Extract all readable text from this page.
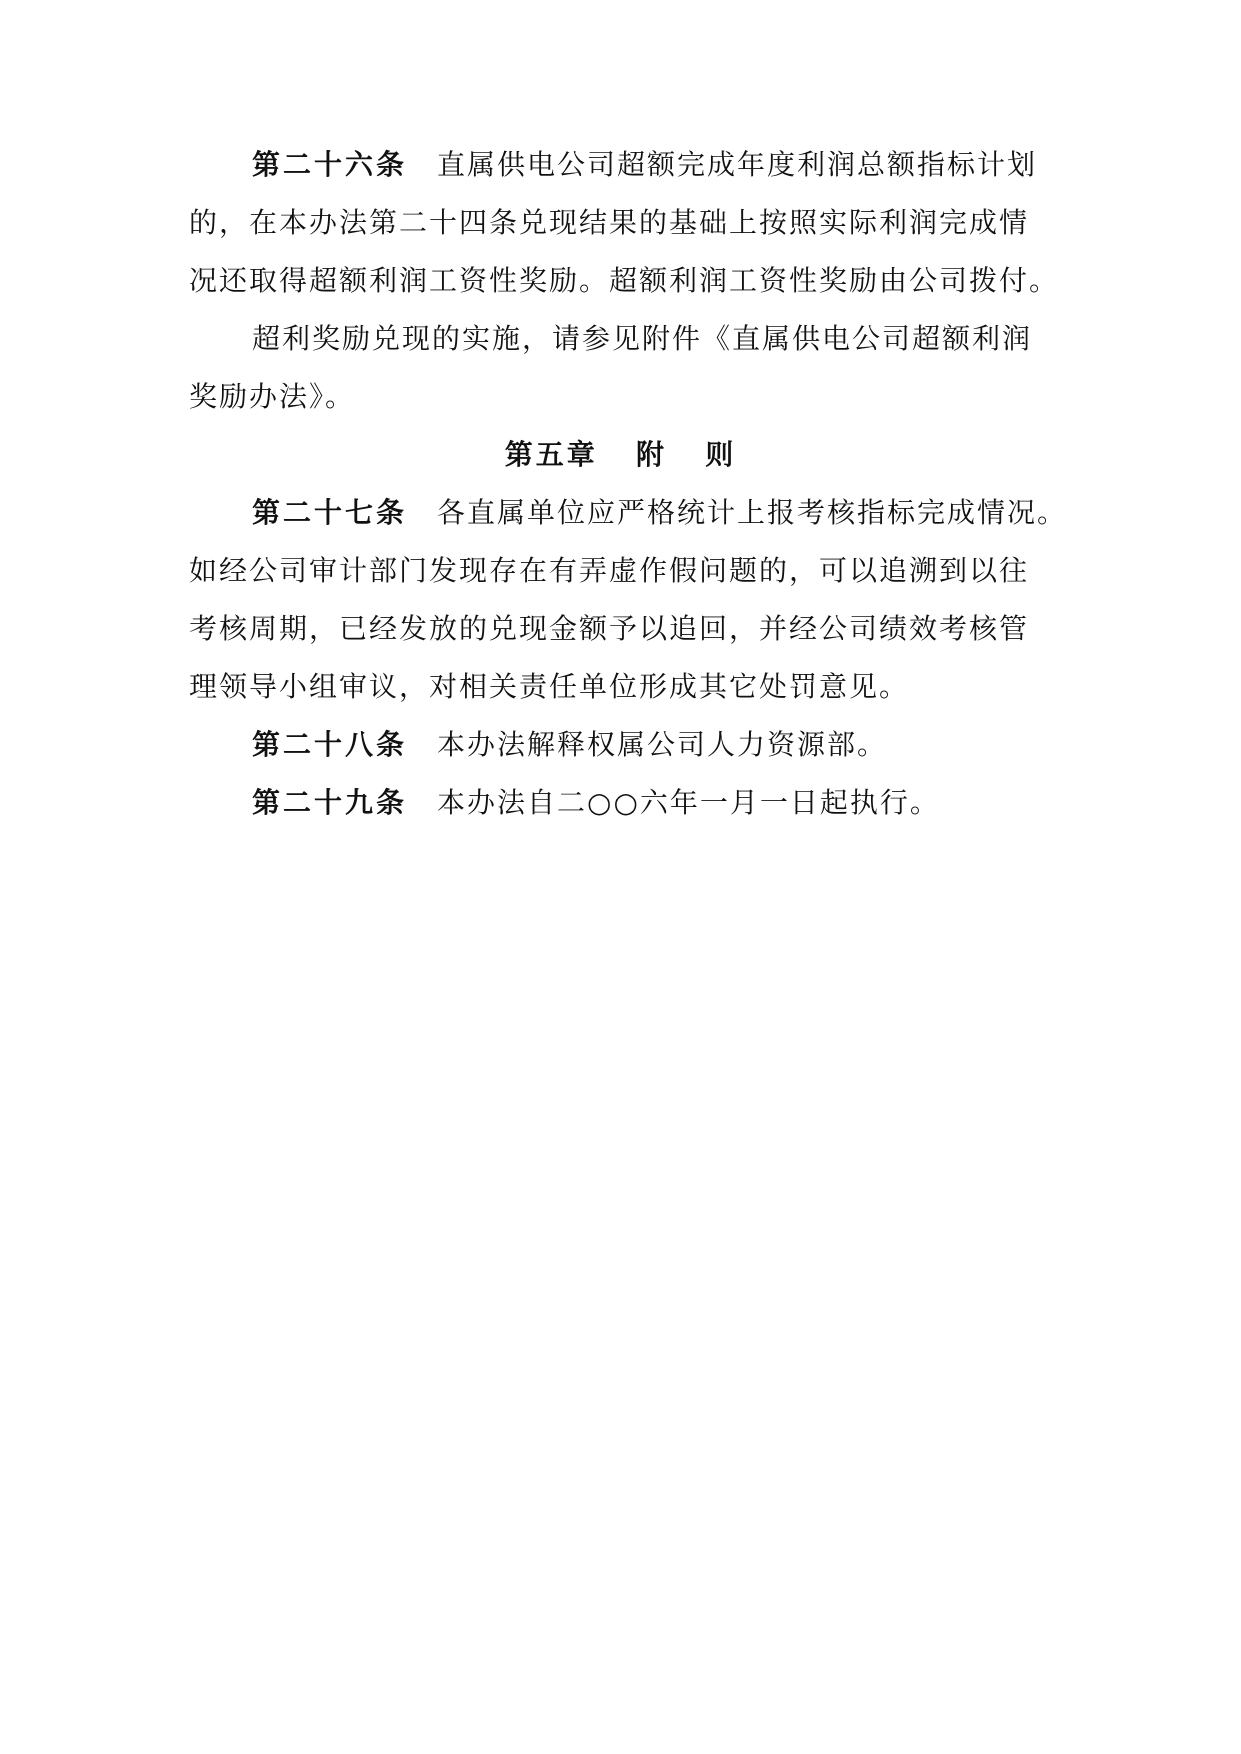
第二十六条 直属供电公司超额完成年度利润总额指标计划
的，在本办法第二十四条兑现结果的基础上按照实际利润完成情
况还取得超额利润工资性奖励。超额利润工资性奖励由公司拨付。
超利奖励兑现的实施，请参见附件《直属供电公司超额利润
奖励办法》。
第五章   附   则
第二十七条 各直属单位应严格统计上报考核指标完成情况。
如经公司审计部门发现存在有弄虚作假问题的，可以追溯到以往
考核周期，已经发放的兑现金额予以追回，并经公司绩效考核管
理领导小组审议，对相关责任单位形成其它处罚意见。
第二十八条 本办法解释权属公司人力资源部。
第二十九条 本办法自二○○六年一月一日起执行。
